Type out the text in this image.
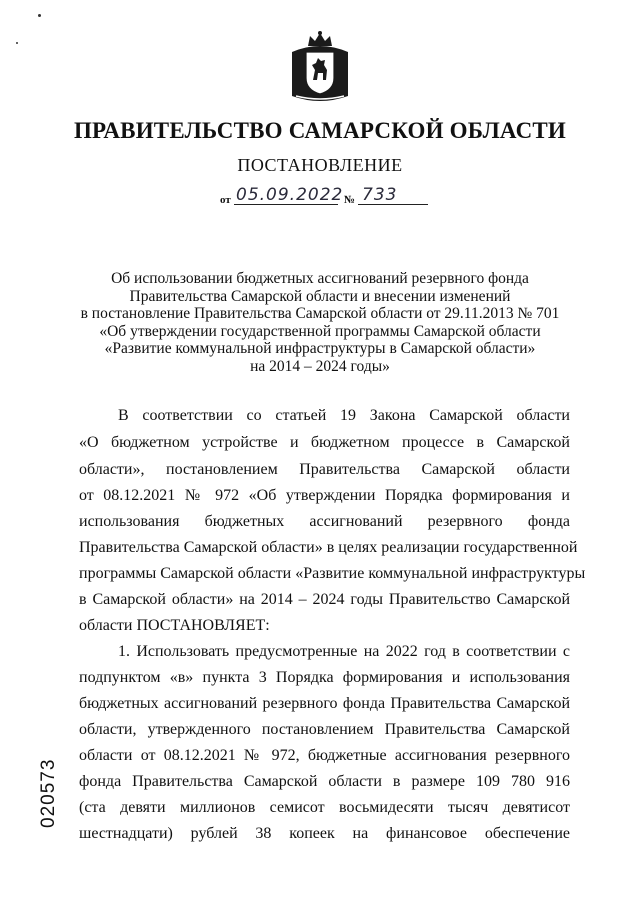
ПРАВИТЕЛЬСТВО САМАРСКОЙ ОБЛАСТИ
ПОСТАНОВЛЕНИЕ
от 05.09.2022 № 733
Об использовании бюджетных ассигнований резервного фонда
Правительства Самарской области и внесении изменений
в постановление Правительства Самарской области от 29.11.2013 № 701
«Об утверждении государственной программы Самарской области
«Развитие коммунальной инфраструктуры в Самарской области»
на 2014 – 2024 годы»
В соответствии со статьей 19 Закона Самарской области
«О бюджетном устройстве и бюджетном процессе в Самарской
области», постановлением Правительства Самарской области
от 08.12.2021 № 972 «Об утверждении Порядка формирования и
использования бюджетных ассигнований резервного фонда
Правительства Самарской области» в целях реализации государственной
программы Самарской области «Развитие коммунальной инфраструктуры
в Самарской области» на 2014 – 2024 годы Правительство Самарской
области ПОСТАНОВЛЯЕТ:
1. Использовать предусмотренные на 2022 год в соответствии с
подпунктом «в» пункта 3 Порядка формирования и использования
бюджетных ассигнований резервного фонда Правительства Самарской
области, утвержденного постановлением Правительства Самарской
области от 08.12.2021 № 972, бюджетные ассигнования резервного
фонда Правительства Самарской области в размере 109 780 916
(ста девяти миллионов семисот восьмидесяти тысяч девятисот
шестнадцати) рублей 38 копеек на финансовое обеспечение
020573
